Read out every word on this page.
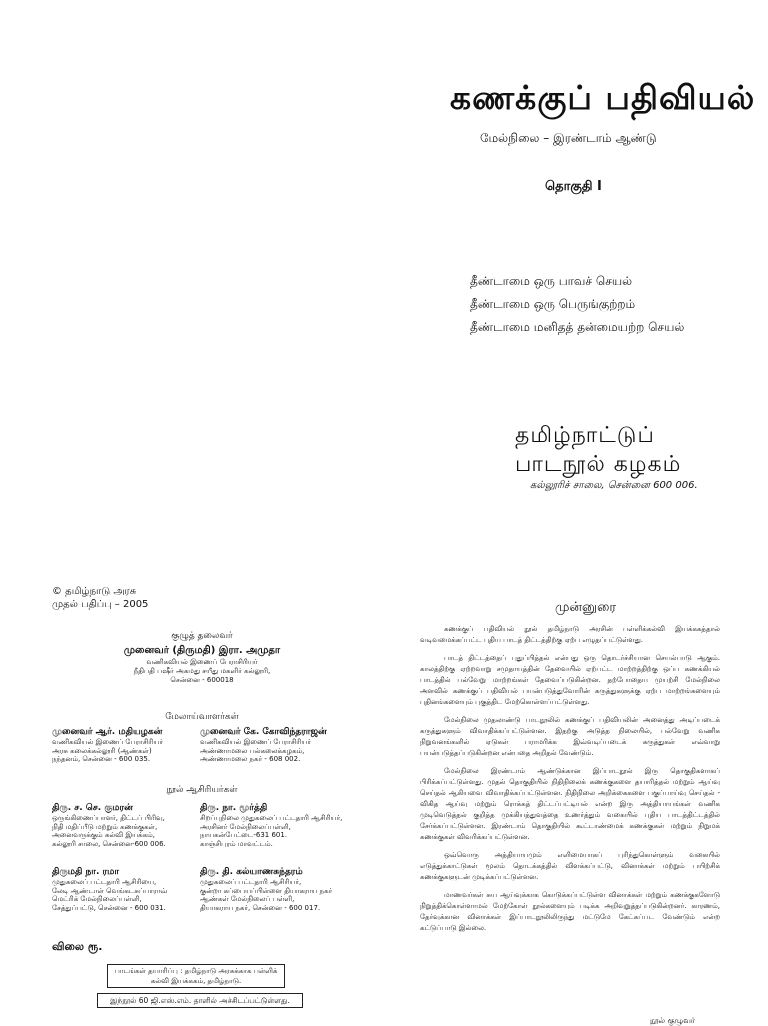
கணக்குப் பதிவியல்
மேல்நிலை – இரண்டாம் ஆண்டு
தொகுதி I
தீண்டாமை ஒரு பாவச் செயல்
தீண்டாமை ஒரு பெருங்குற்றம்
தீண்டாமை மனிதத் தன்மையற்ற செயல்
தமிழ்நாட்டுப்
பாடநூல் கழகம்
கல்லூரிச் சாலை, சென்னை 600 006.
© தமிழ்நாடு அரசு
முதல் பதிப்பு – 2005
குழுத் தலைவர்
முனைவர் (திருமதி) இரா. அமுதா
வணிகவியல் இணைப் பேராசிரியர்
நீதிபதி பஷீர் அகமது சயீது மகளிர் கல்லூரி,
சென்னை - 600018
மேலாய்வாளர்கள்
முனைவர் ஆர். மதியழகன்
வணிகவியல் இணைப் பேராசிரியர்
அரசு கலைக்கல்லூரி (ஆண்கள்)
நந்தனம், சென்னை - 600 035.
முனைவர் கே. கோவிந்தராஜன்
வணிகவியல் இணைப் பேராசிரியர்
அண்ணாமலை பல்கலைக்கழகம்,
அண்ணாமலை நகர் - 608 002.
நூல் ஆசிரியர்கள்
திரு. ச. செ. குமரன்
ஒருங்கிணைப்பாளர், திட்டப் பிரிவு,
நிதி மதிப்பீடு மற்றும் கணக்குகள்,
அனைவருக்கும் கல்வி இயக்கம்,
கல்லூரி சாலை, சென்னை-600 006.
திரு. நா. மூர்த்தி
சிறப்புநிலை முதுகலைப் பட்டதாரி ஆசிரியர்,
அரசினர் மேல்நிலைப்பள்ளி,
நாயகன்பேட்டை-631 601.
காஞ்சிபுரம் மாவட்டம்.
திருமதி நா. ரமா
முதுகலைப் பட்டதாரி ஆசிரியை,
லேடி ஆண்டாள் வெங்கடசுப்பாராவ்
மெட்ரிக் மேல்நிலைப்பள்ளி,
சேத்துப்பட்டு, சென்னை - 600 031.
திரு. தி. கல்யாணசுந்தரம்
முதுகலைப் பட்டதாரி ஆசிரியர்,
குன்றா கப்பையப்பிள்ளை தியாகராய நகர்
ஆண்கள் மேல்நிலைப் பள்ளி,
தியாகராய நகர், சென்னை - 600 017.
விலை ரூ.
பாடங்கள் தயாரிப்பு : தமிழ்நாடு அரசுக்காக பள்ளிக் கல்வி இயக்ககம், தமிழ்நாடு.
இந்நூல் 60 ஜி.எஸ்.எம். தாளில் அச்சிடப்பட்டுள்ளது.
முன்னுரை

கணக்குப் பதிவியல் நூல் தமிழ்நாடு அரசின் பள்ளிக்கல்வி இயக்ககத்தால் வடிவமைக்கப்பட்ட புதிய பாடத் திட்டத்திற்கு ஏற்ப எழுதப்பட்டுள்ளது.

பாடத் திட்டத்தைப் புதுப்பித்தல் என்பது ஒரு தொடர்ச்சியான செயல்பாடு ஆகும். காலத்திற்கு ஏற்றவாறு சமுதாயத்தின் தேவையில் ஏற்பட்ட மாற்றத்திற்கு ஒப்ப கணக்கியல் பாடத்தில் பல்வேறு மாற்றங்கள் தேவைப்படுகின்றன. தற்போதைய முயற்சி மேல்நிலை அளவில் கணக்குப் பதிவியல் பயன்படுத்துவோரின் கருத்துகளுக்கு ஏற்ப மாற்றங்களையும் புதினங்களையும் புகுத்திட மேற்கொள்ளப்பட்டுள்ளது.

மேல்நிலை முதலாண்டு பாடநூலில் கணக்குப் பதிவியலின் அனைத்து அடிப்படைக் கருத்துகளும் விவாதிக்கப்பட்டுள்ளன. இதற்கு அடுத்த நிலையில், பல்வேறு வணிக நிறுவனங்களில் ஏடுகள் பராமரிக்க இவ்வடிப்படைக் கருத்துகள் எவ்வாறு பயன்படுத்தப்படுகின்றன என்பதை அறிதல் வேண்டும்.

மேல்நிலை இரண்டாம் ஆண்டுக்கான இப்பாடநூல் இரு தொகுதிகளாகப் பிரிக்கப்பட்டுள்ளது. முதல் தொகுதியில் நிதிநிலைக் கணக்குகளை தயாரித்தல் மற்றும் ஆய்வு செய்தல் ஆகியவை விவாதிக்கப்பட்டுள்ளன. நிதிநிலை அறிக்கைகளை பகுப்பாய்வு செய்தல் - விகித ஆய்வு மற்றும் ரொக்கத் திட்டப்பட்டியல் என்ற இரு அத்தியாயங்கள் வணிக முடிவெடுத்தல் குறித்த முக்கியத்துவத்தை உணர்த்தும் வகையில் புதிய பாடத்திட்டத்தில் சேர்க்கப்பட்டுள்ளன. இரண்டாம் தொகுதியில் கூட்டாண்மைக் கணக்குகள் மற்றும் நிறுமக் கணக்குகள் விவரிக்கப்பட்டுள்ளன.

ஒவ்வொரு அத்தியாயமும் எளிமையாகப் புரிந்துகொள்ளும் வகையில் எடுத்துக்காட்டுகள் மூலம் தொடக்கத்தில் விளக்கப்பட்டு, வினாக்கள் மற்றும் பயிற்சிக் கணக்குகளுடன் முடிக்கப்பட்டுள்ளன.

மாணவர்கள் சுய ஆய்வுக்காக கொடுக்கப்பட்டுள்ள வினாக்கள் மற்றும் கணக்குகளோடு நிறுத்திக்கொள்ளாமல் மேற்கோள் நூல்களையும் படிக்க அறிவுறுத்தப்படுகின்றனர். காரணம், தேர்வுக்கான வினாக்கள் இப்பாடநூலிலிருந்து மட்டுமே கேட்கப்பட வேண்டும் என்ற கட்டுப்பாடு இல்லை.

நூல் குழுவர்
